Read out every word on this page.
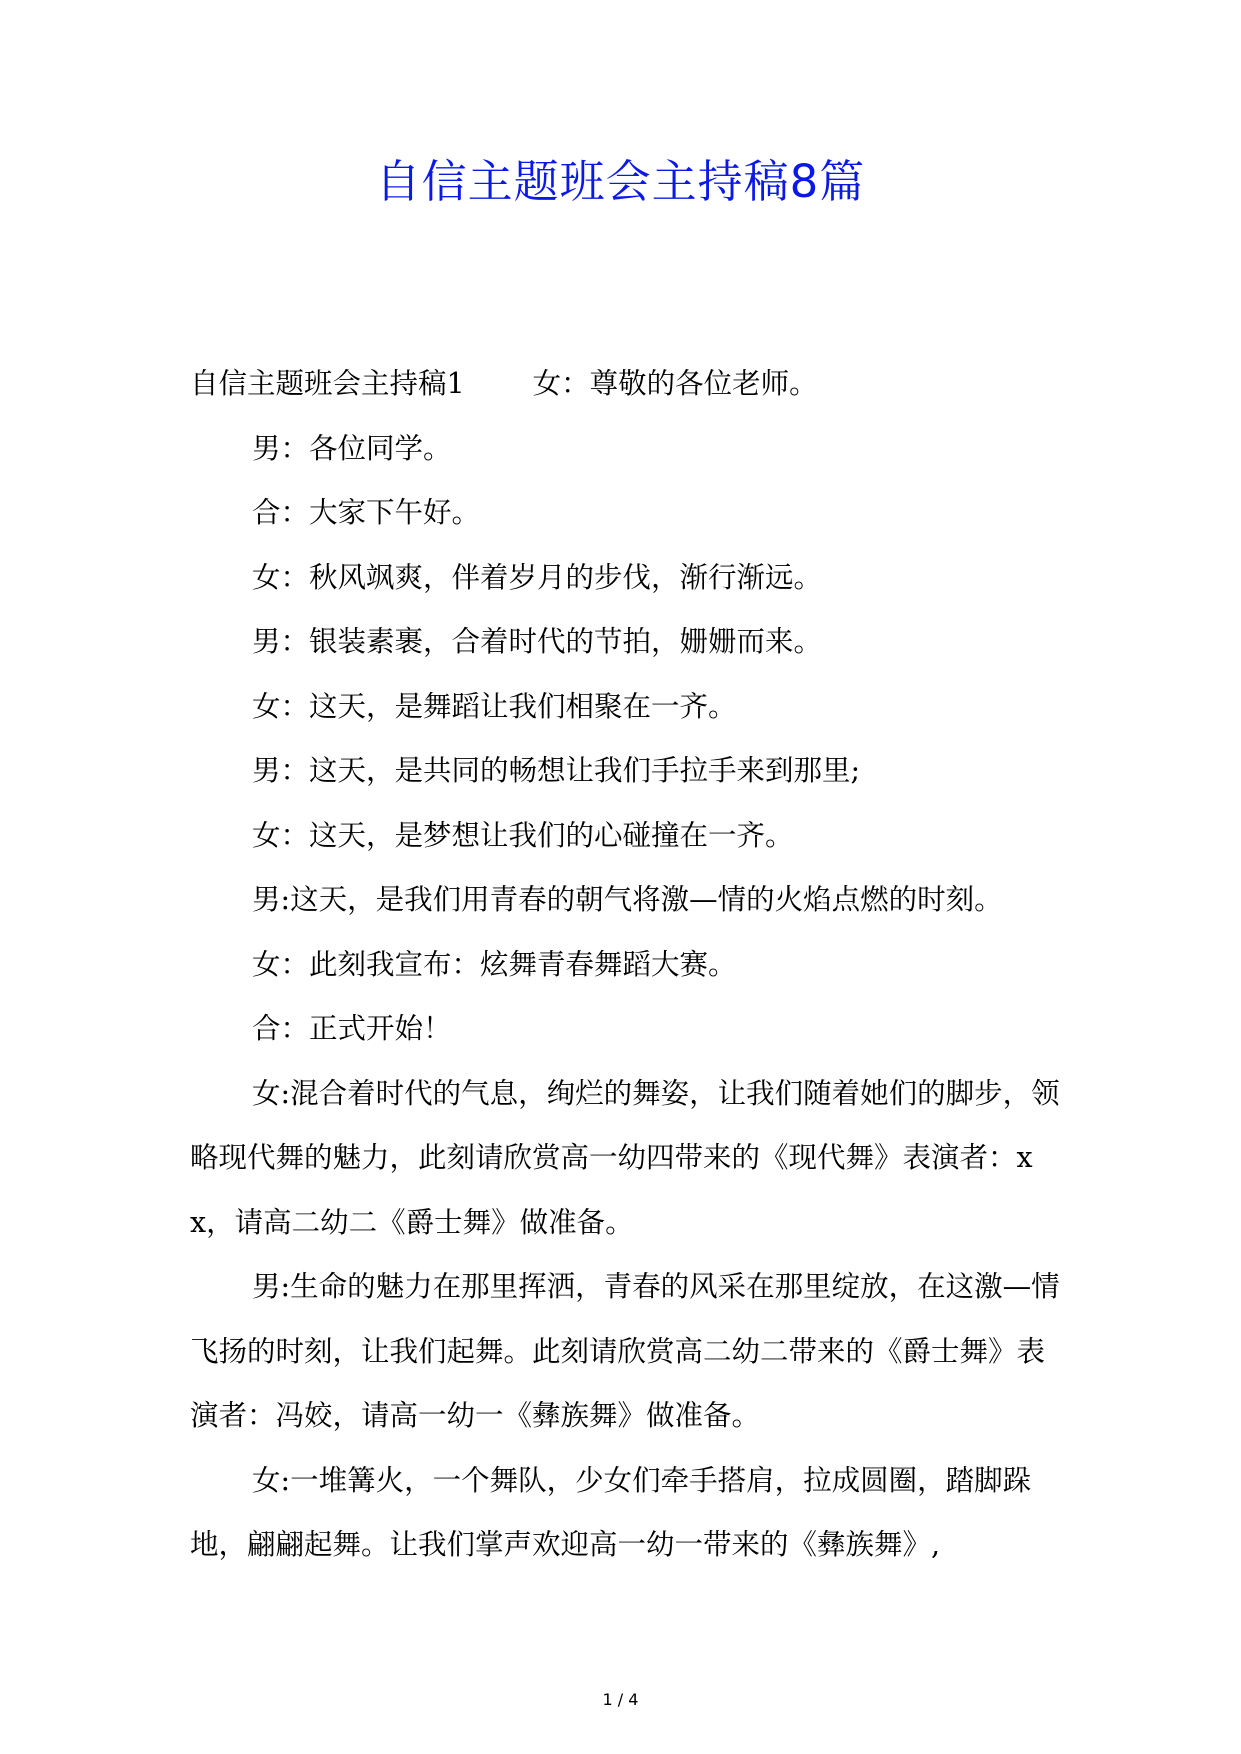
自信主题班会主持稿8篇

自信主题班会主持稿1 女：尊敬的各位老师。

男：各位同学。

合：大家下午好。

女：秋风飒爽，伴着岁月的步伐，渐行渐远。

男：银装素裹，合着时代的节拍，姗姗而来。

女：这天，是舞蹈让我们相聚在一齐。

男：这天，是共同的畅想让我们手拉手来到那里;

女：这天，是梦想让我们的心碰撞在一齐。

男:这天，是我们用青春的朝气将激—情的火焰点燃的时刻。

女：此刻我宣布：炫舞青春舞蹈大赛。

合：正式开始！

女:混合着时代的气息，绚烂的舞姿，让我们随着她们的脚步，领略现代舞的魅力，此刻请欣赏高一幼四带来的《现代舞》表演者：xx，请高二幼二《爵士舞》做准备。

男:生命的魅力在那里挥洒，青春的风采在那里绽放，在这激—情飞扬的时刻，让我们起舞。此刻请欣赏高二幼二带来的《爵士舞》表演者：冯姣，请高一幼一《彝族舞》做准备。

女:一堆篝火，一个舞队，少女们牵手搭肩，拉成圆圈，踏脚跺地，翩翩起舞。让我们掌声欢迎高一幼一带来的《彝族舞》,

1 / 4
